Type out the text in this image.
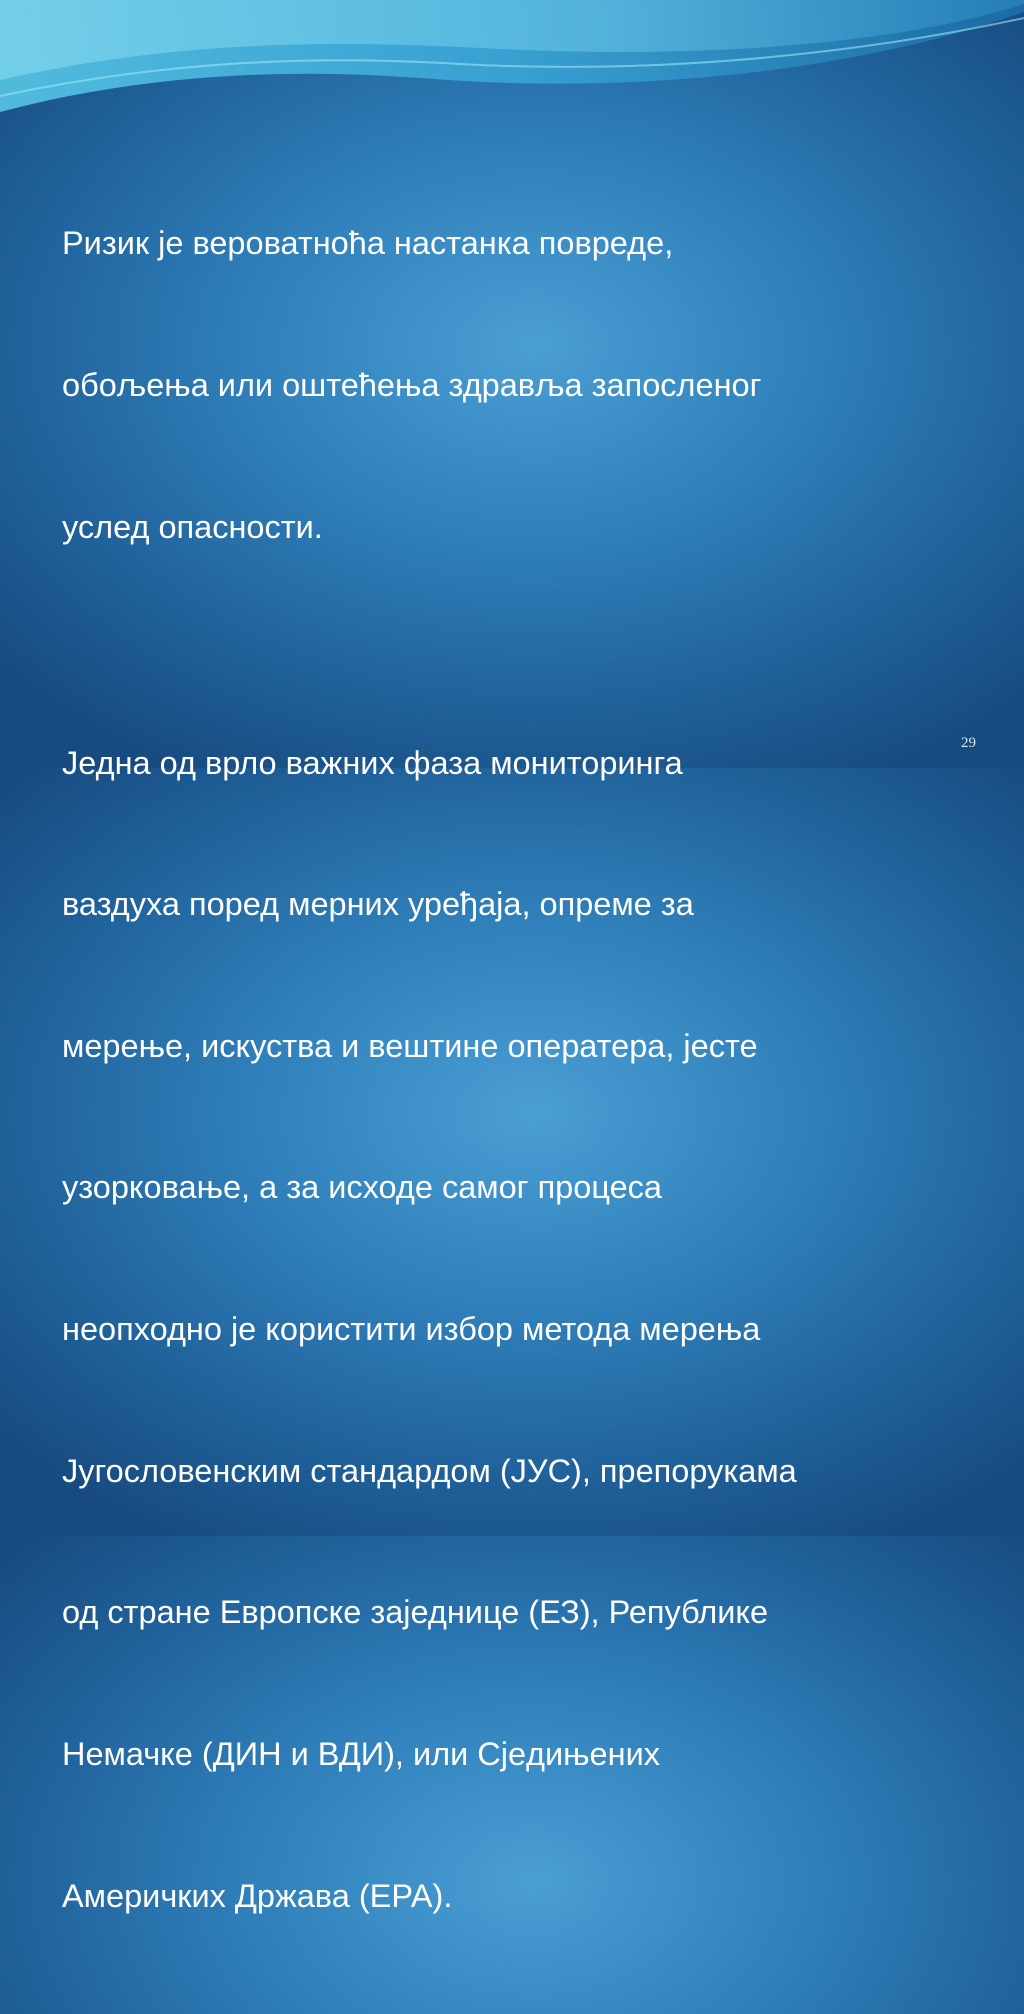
Ризик је вероватноћа настанка повреде,

обољења или оштећења здравља запосленог

услед опасности.

Једна од врло важних фаза мониторинга

ваздуха поред мерних уређаја, опреме за

мерење, искуства и вештине оператера, јесте

узорковање, а за исходе самог процеса

неопходно је користити избор метода мерења

Југословенским стандардом (ЈУС), препорукама

од стране Европске заједнице (ЕЗ), Републике

Немачке (ДИН и ВДИ), или Сјeдињених

Америчких Држава (ЕРА).

29
